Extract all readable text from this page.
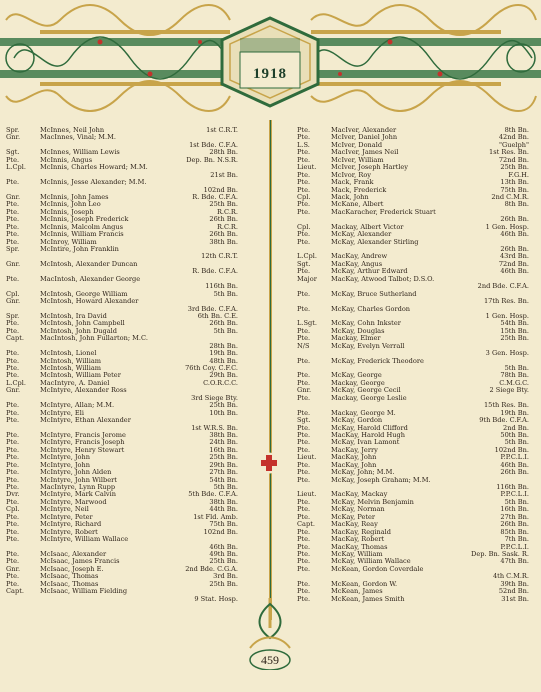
1918
Spr.	McInnes, Neil John	1st C.R.T.
Gnr.	MacInnes, Vinal; M.M.
1st Bde. C.F.A.
Sgt.	McInnes, William Lewis	28th Bn.
Pte.	McInnis, Angus	Dep. Bn. N.S.R.
L.Cpl.	McInnis, Charles Howard; M.M.
21st Bn.
Pte.	McInnis, Jesse Alexander; M.M.
102nd Bn.
Gnr.	McInnis, John James	R. Bde. C.F.A.
Pte.	McInnis, John Leo	25th Bn.
Pte.	McInnis, Joseph	R.C.R.
Pte.	McInnis, Joseph Frederick	26th Bn.
Pte.	McInnis, Malcolm Angus	R.C.R.
Pte.	McInnis, William Francis	26th Bn.
Pte.	McInroy, William	38th Bn.
Spr.	McIntire, John Franklin
12th C.R.T.
Gnr.	McIntosh, Alexander Duncan
R. Bde. C.F.A.
Pte.	MacIntosh, Alexander George
116th Bn.
Cpl.	McIntosh, George William	5th Bn.
Gnr.	McIntosh, Howard Alexander
3rd Bde. C.F.A.
Spr.	McIntosh, Ira David	6th Bn. C.E.
Pte.	McIntosh, John Campbell	26th Bn.
Pte.	McIntosh, John Dugald	5th Bn.
Capt.	MacIntosh, John Fullarton; M.C.
28th Bn.
Pte.	McIntosh, Lionel	19th Bn.
Pte.	McIntosh, William	48th Bn.
Pte.	McIntosh, William	76th Coy. C.F.C.
Pte.	McIntosh, William Peter	29th Bn.
L.Cpl.	MacIntyre, A. Daniel	C.O.R.C.C.
Gnr.	McIntyre, Alexander Ross
3rd Siege Bty.
Pte.	McIntyre, Allan; M.M.	25th Bn.
Pte.	McIntyre, Eli	10th Bn.
Pte.	McIntyre, Ethan Alexander
1st W.R.S. Bn.
Pte.	McIntyre, Francis Jerome	38th Bn.
Pte.	McIntyre, Francis Joseph	24th Bn.
Pte.	McIntyre, Henry Stewart	16th Bn.
Pte.	McIntyre, John	25th Bn.
Pte.	McIntyre, John	29th Bn.
Pte.	McIntyre, John Alden	27th Bn.
Pte.	McIntyre, John Wilbert	54th Bn.
Pte.	MacIntyre, Lynn Rupp	5th Bn.
Dvr.	McIntyre, Mark Calvin	5th Bde. C.F.A.
Pte.	McIntyre, Marwood	38th Bn.
Cpl.	McIntyre, Neil	44th Bn.
Pte.	McIntyre, Peter	1st Fld. Amb.
Pte.	McIntyre, Richard	75th Bn.
Pte.	McIntyre, Robert	102nd Bn.
Pte.	McIntyre, William Wallace
46th Bn.
Pte.	McIsaac, Alexander	49th Bn.
Pte.	McIsaac, James Francis	25th Bn.
Gnr.	McIsaac, Joseph E.	2nd Bde. C.G.A.
Pte.	McIsaac, Thomas	3rd Bn.
Pte.	McIsaac, Thomas	25th Bn.
Capt.	McIsaac, William Fielding
9 Stat. Hosp.
Pte.	MacIver, Alexander	8th Bn.
Pte.	McIver, Daniel John	42nd Bn.
L.S.	McIver, Donald	"Guelph"
Pte.	MacIver, James Neil	1st Res. Bn.
Pte.	McIver, William	72nd Bn.
Lieut.	McIver, Joseph Hartley	25th Bn.
Pte.	McIvor, Roy	F.G.H.
Pte.	Mack, Frank	13th Bn.
Pte.	Mack, Frederick	75th Bn.
Cpl.	Mack, John	2nd C.M.R.
Pte.	McKane, Albert	8th Bn.
Pte.	MacKaracher, Frederick Stuart
26th Bn.
Cpl.	Mackay, Albert Victor	1 Gen. Hosp.
Pte.	McKay, Alexander	46th Bn.
Pte.	McKay, Alexander Stirling
26th Bn.
L.Cpl.	MacKay, Andrew	43rd Bn.
Sgt.	MacKay, Angus	72nd Bn.
Pte.	McKay, Arthur Edward	46th Bn.
Major	MacKay, Atwood Talbot; D.S.O.
2nd Bde. C.F.A.
Pte.	McKay, Bruce Sutherland
17th Res. Bn.
Pte.	McKay, Charles Gordon
1 Gen. Hosp.
L.Sgt.	McKay, Cohn Inkster	54th Bn.
Pte.	McKay, Douglas	15th Bn.
Pte.	Mackay, Elmer	25th Bn.
N/S	McKay, Evelyn Verrall
3 Gen. Hosp.
Pte.	McKay, Frederick Theodore
5th Bn.
Pte.	McKay, George	78th Bn.
Pte.	Mackay, George	C.M.G.C.
Gnr.	McKay, George Cecil	2 Siege Bty.
Pte.	Mackay, George Leslie
15th Res. Bn.
Pte.	Mackay, George M.	19th Bn.
Sgt.	McKay, Gordon	9th Bde. C.F.A.
Pte.	McKay, Harold Clifford	2nd Bn.
Pte.	MacKay, Harold Hugh	50th Bn.
Pte.	McKay, Ivan Lamont	5th Bn.
Pte.	MacKay, Jerry	102nd Bn.
Lieut.	MacKay, John	P.P.C.L.I.
Pte.	MacKay, John	46th Bn.
Pte.	McKay, John; M.M.	26th Bn.
Pte.	McKay, Joseph Graham; M.M.
116th Bn.
Lieut.	MacKay, Mackay	P.P.C.L.I.
Pte.	McKay, Melvin Benjamin	5th Bn.
Pte.	McKay, Norman	16th Bn.
Pte.	McKay, Peter	27th Bn.
Capt.	MacKay, Reay	26th Bn.
Pte.	MacKay, Reginald	85th Bn.
Pte.	MacKay, Robert	7th Bn.
Pte.	MacKay, Thomas	P.P.C.L.I.
Pte.	McKay, William	Dep. Bn. Sask. R.
Pte.	McKay, William Wallace	47th Bn.
Pte.	McKean, Gordon Coverdale
4th C.M.R.
Pte.	McKean, Gordon W.	39th Bn.
Pte.	McKean, James	52nd Bn.
Pte.	McKean, James Smith	31st Bn.
459
